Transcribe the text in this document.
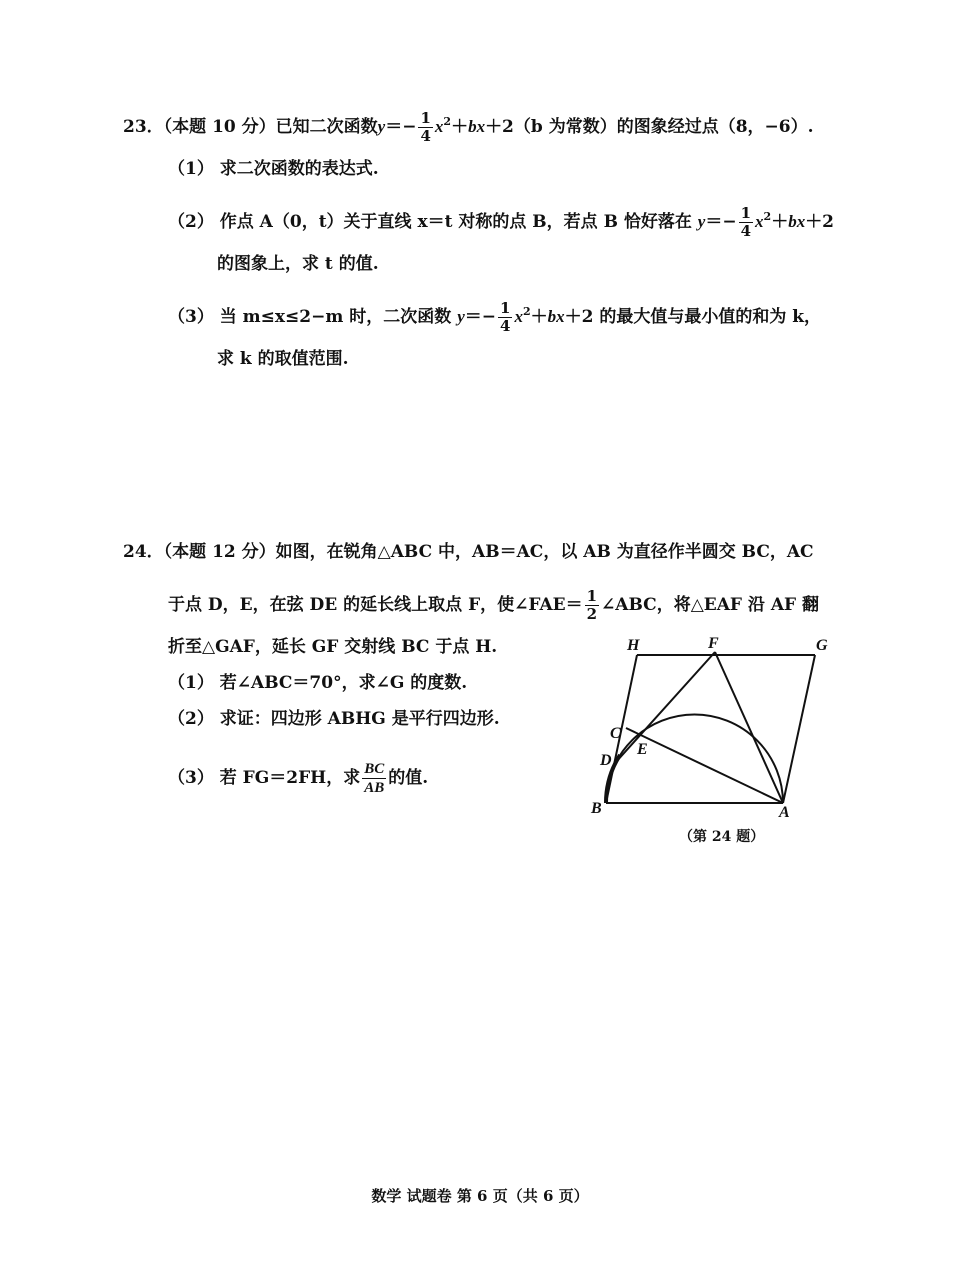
23．（本题 10 分）已知二次函数$y=- \frac{1}{4} x^2+bx+2(b$ 为常数）的图象经过点（8，−6）.
（1） 求二次函数的表达式.
（2） 作点 A（0，t）关于直线 x＝t 对称的点 B，若点 B 恰好落在 $y=- \frac{1}{4} x^2+bx+2$
的图象上，求 t 的值.
（3） 当 m≤x≤2−m 时，二次函数 $y=- \frac{1}{4} x^2+bx+2$ 的最大值与最小值的和为 k，
求 k 的取值范围.
24．（本题 12 分）如图，在锐角△ABC 中，AB＝AC，以 AB 为直径作半圆交 BC，AC
于点 D，E，在弦 DE 的延长线上取点 F，使∠FAE＝ $\frac{1}{2}$ ∠ABC，将△EAF 沿 AF 翻
折至△GAF，延长 GF 交射线 BC 于点 H.
（1） 若∠ABC＝70°，求∠G 的度数.
（2） 求证：四边形 ABHG 是平行四边形.
（3） 若 FG＝2FH，求 $\frac{BC}{AB}$ 的值.
H	F	G
C
E
D
B	A
（第 24 题）
数学 试题卷 第 6 页（共 6 页）
